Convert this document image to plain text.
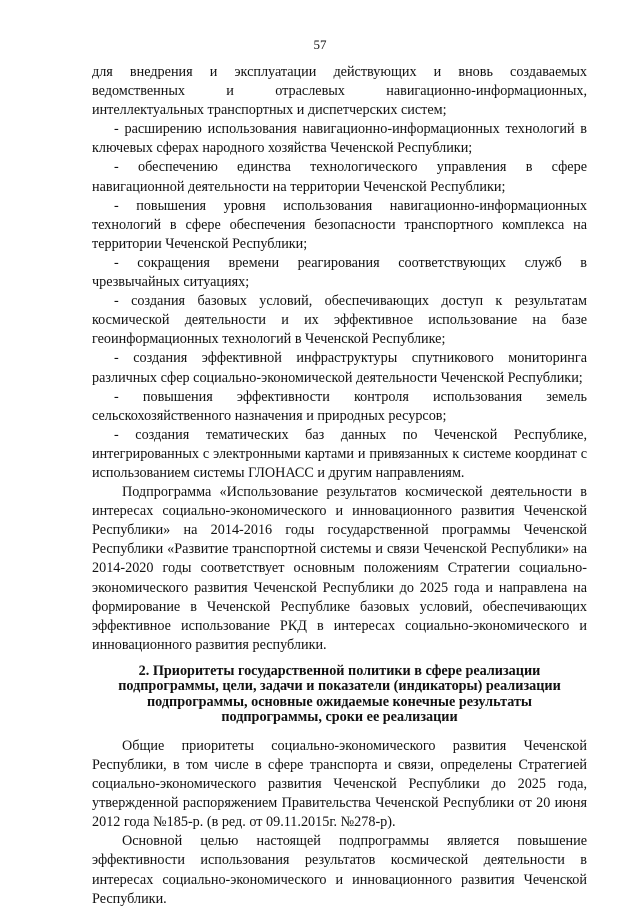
57

для внедрения и эксплуатации действующих и вновь создаваемых ведомственных и отраслевых навигационно-информационных, интеллектуальных транспортных и диспетчерских систем;

- расширению использования навигационно-информационных технологий в ключевых сферах народного хозяйства Чеченской Республики;

- обеспечению единства технологического управления в сфере навигационной деятельности на территории Чеченской Республики;

- повышения уровня использования навигационно-информационных технологий в сфере обеспечения безопасности транспортного комплекса на территории Чеченской Республики;

- сокращения времени реагирования соответствующих служб в чрезвычайных ситуациях;

- создания базовых условий, обеспечивающих доступ к результатам космической деятельности и их эффективное использование на базе геоинформационных технологий в Чеченской Республике;

- создания эффективной инфраструктуры спутникового мониторинга различных сфер социально-экономической деятельности Чеченской Республики;

- повышения эффективности контроля использования земель сельскохозяйственного назначения и природных ресурсов;

- создания тематических баз данных по Чеченской Республике, интегрированных с электронными картами и привязанных к системе координат с использованием системы ГЛОНАСС и другим направлениям.

Подпрограмма «Использование результатов космической деятельности в интересах социально-экономического и инновационного развития Чеченской Республики» на 2014-2016 годы государственной программы Чеченской Республики «Развитие транспортной системы и связи Чеченской Республики» на 2014-2020 годы соответствует основным положениям Стратегии социально-экономического развития Чеченской Республики до 2025 года и направлена на формирование в Чеченской Республике базовых условий, обеспечивающих эффективное использование РКД в интересах социально-экономического и инновационного развития республики.

2. Приоритеты государственной политики в сфере реализации подпрограммы, цели, задачи и показатели (индикаторы) реализации подпрограммы, основные ожидаемые конечные результаты подпрограммы, сроки ее реализации

Общие приоритеты социально-экономического развития Чеченской Республики, в том числе в сфере транспорта и связи, определены Стратегией социально-экономического развития Чеченской Республики до 2025 года, утвержденной распоряжением Правительства Чеченской Республики от 20 июня 2012 года №185-р. (в ред. от 09.11.2015г. №278-р).

Основной целью настоящей подпрограммы является повышение эффективности использования результатов космической деятельности в интересах социально-экономического и инновационного развития Чеченской Республики.
